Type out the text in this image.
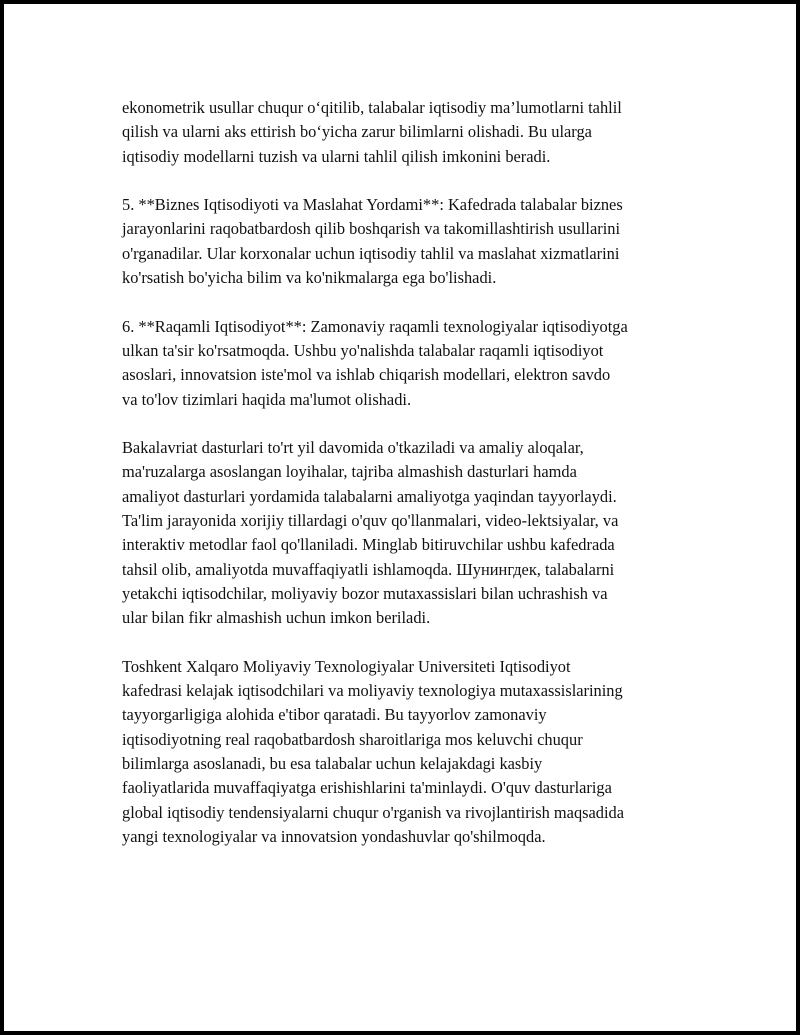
ekonometrik usullar chuqur o‘qitilib, talabalar iqtisodiy ma’lumotlarni tahlil
qilish va ularni aks ettirish bo‘yicha zarur bilimlarni olishadi. Bu ularga
iqtisodiy modellarni tuzish va ularni tahlil qilish imkonini beradi.

5. **Biznes Iqtisodiyoti va Maslahat Yordami**: Kafedrada talabalar biznes
jarayonlarini raqobatbardosh qilib boshqarish va takomillashtirish usullarini
o'rganadilar. Ular korxonalar uchun iqtisodiy tahlil va maslahat xizmatlarini
ko'rsatish bo'yicha bilim va ko'nikmalarga ega bo'lishadi.

6. **Raqamli Iqtisodiyot**: Zamonaviy raqamli texnologiyalar iqtisodiyotga
ulkan ta'sir ko'rsatmoqda. Ushbu yo'nalishda talabalar raqamli iqtisodiyot
asoslari, innovatsion iste'mol va ishlab chiqarish modellari, elektron savdo
va to'lov tizimlari haqida ma'lumot olishadi.

Bakalavriat dasturlari to'rt yil davomida o'tkaziladi va amaliy aloqalar,
ma'ruzalarga asoslangan loyihalar, tajriba almashish dasturlari hamda
amaliyot dasturlari yordamida talabalarni amaliyotga yaqindan tayyorlaydi.
Ta'lim jarayonida xorijiy tillardagi o'quv qo'llanmalari, video-lektsiyalar, va
interaktiv metodlar faol qo'llaniladi. Minglab bitiruvchilar ushbu kafedrada
tahsil olib, amaliyotda muvaffaqiyatli ishlamoqda. Шунингдек, talabalarni
yetakchi iqtisodchilar, moliyaviy bozor mutaxassislari bilan uchrashish va
ular bilan fikr almashish uchun imkon beriladi.

Toshkent Xalqaro Moliyaviy Texnologiyalar Universiteti Iqtisodiyot
kafedrasi kelajak iqtisodchilari va moliyaviy texnologiya mutaxassislarining
tayyorgarligiga alohida e'tibor qaratadi. Bu tayyorlov zamonaviy
iqtisodiyotning real raqobatbardosh sharoitlariga mos keluvchi chuqur
bilimlarga asoslanadi, bu esa talabalar uchun kelajakdagi kasbiy
faoliyatlarida muvaffaqiyatga erishishlarini ta'minlaydi. O'quv dasturlariga
global iqtisodiy tendensiyalarni chuqur o'rganish va rivojlantirish maqsadida
yangi texnologiyalar va innovatsion yondashuvlar qo'shilmoqda.
